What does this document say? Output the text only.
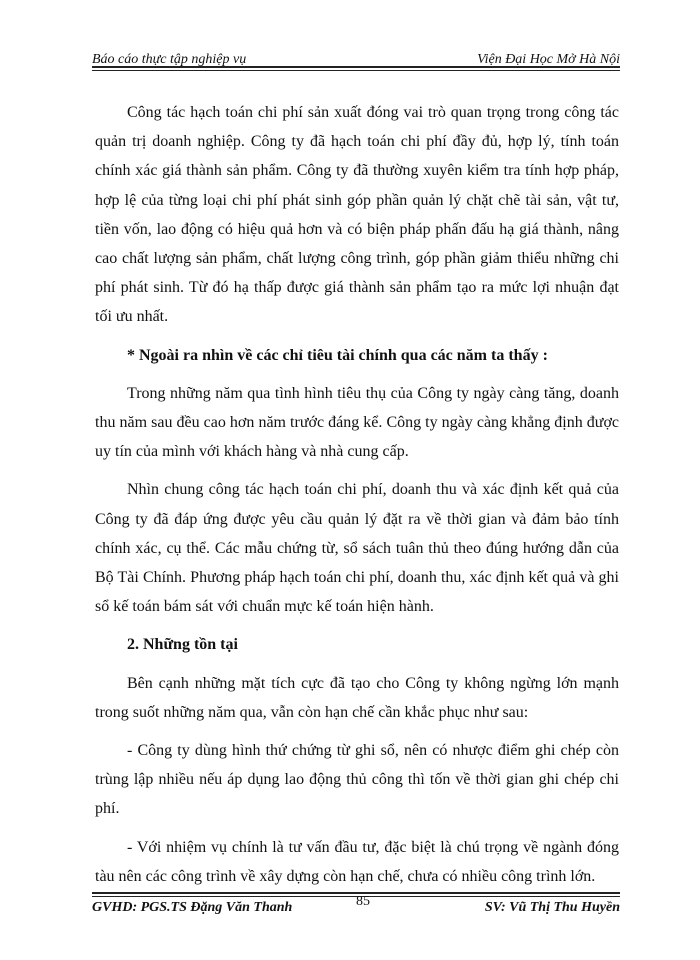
Báo cáo thực tập nghiệp vụ	Viện Đại Học Mở Hà Nội

Công tác hạch toán chi phí sản xuất đóng vai trò quan trọng trong công tác quản trị doanh nghiệp. Công ty đã hạch toán chi phí đầy đủ, hợp lý, tính toán chính xác giá thành sản phẩm. Công ty đã thường xuyên kiểm tra tính hợp pháp, hợp lệ của từng loại chi phí phát sinh góp phần quản lý chặt chẽ tài sản, vật tư, tiền vốn, lao động có hiệu quả hơn và có biện pháp phấn đấu hạ giá thành, nâng cao chất lượng sản phẩm, chất lượng công trình, góp phần giảm thiểu những chi phí phát sinh. Từ đó hạ thấp được giá thành sản phẩm tạo ra mức lợi nhuận đạt tối ưu nhất.

* Ngoài ra nhìn về các chỉ tiêu tài chính qua các năm ta thấy :

Trong những năm qua tình hình tiêu thụ của Công ty ngày càng tăng, doanh thu năm sau đều cao hơn năm trước đáng kể. Công ty ngày càng khẳng định được uy tín của mình với khách hàng và nhà cung cấp.

Nhìn chung công tác hạch toán chi phí, doanh thu và xác định kết quả của Công ty đã đáp ứng được yêu cầu quản lý đặt ra về thời gian và đảm bảo tính chính xác, cụ thể. Các mẫu chứng từ, sổ sách tuân thủ theo đúng hướng dẫn của Bộ Tài Chính. Phương pháp hạch toán chi phí, doanh thu, xác định kết quả và ghi sổ kế toán bám sát với chuẩn mực kế toán hiện hành.

2. Những tồn tại

Bên cạnh những mặt tích cực đã tạo cho Công ty không ngừng lớn mạnh trong suốt những năm qua, vẫn còn hạn chế cần khắc phục như sau:

- Công ty dùng hình thứ chứng từ ghi sổ, nên có nhược điểm ghi chép còn trùng lập nhiều nếu áp dụng lao động thủ công thì tốn về thời gian ghi chép chi phí.

- Với nhiệm vụ chính là tư vấn đầu tư, đặc biệt là chú trọng về ngành đóng tàu nên các công trình về xây dựng còn hạn chế, chưa có nhiều công trình lớn.

GVHD: PGS.TS Đặng Văn Thanh	85	SV: Vũ Thị Thu Huyền
